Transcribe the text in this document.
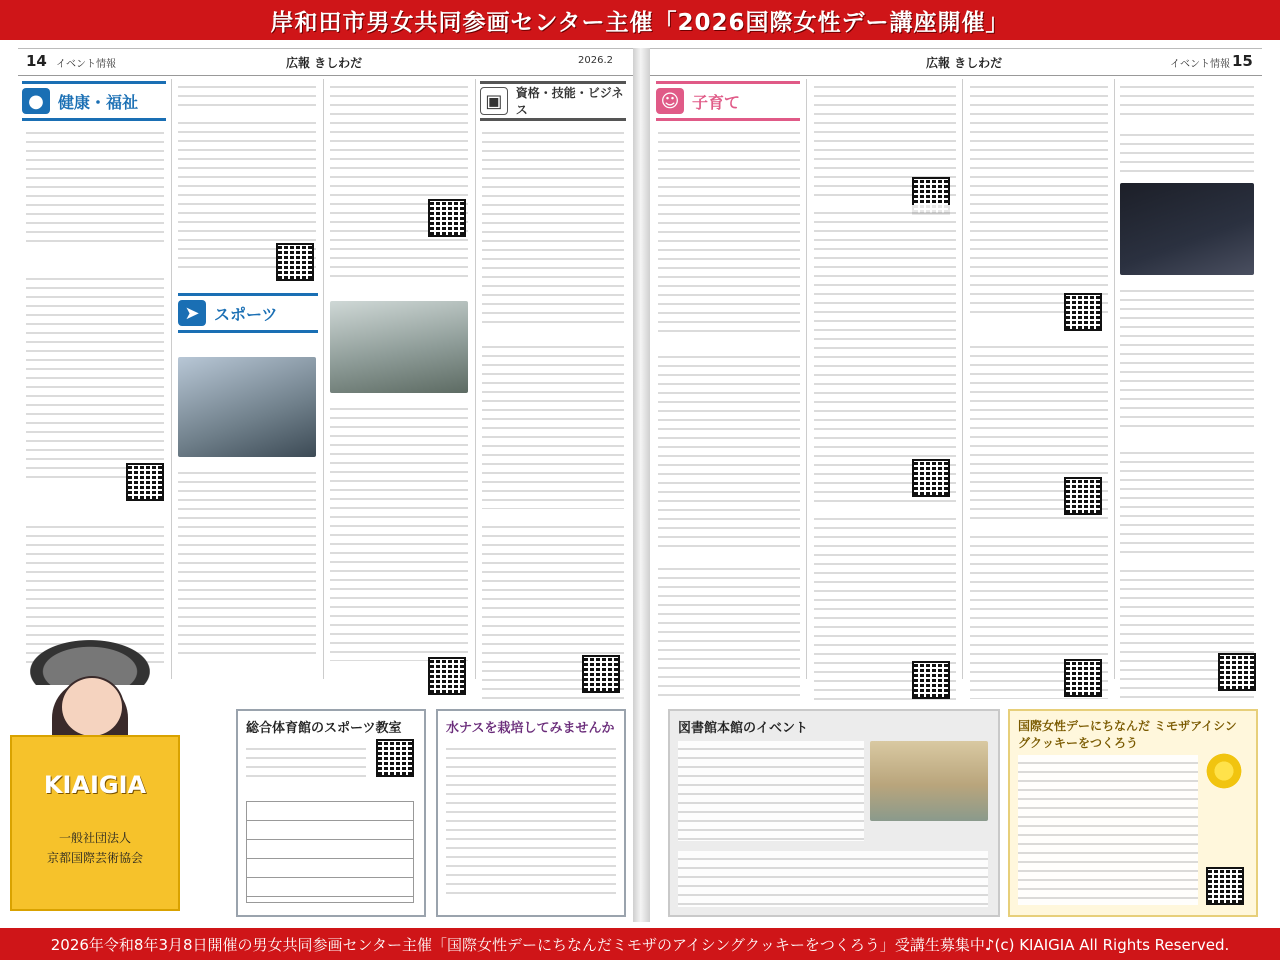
岸和田市男女共同参画センター主催「2026国際女性デー講座開催」
14 イベント情報	広報 きしわだ	2026.2
● 健康・福祉
➤ スポーツ
▣	資格・技能・ビジネス
総合体育館のスポーツ教室	水ナスを栽培してみませんか
広報 きしわだ	イベント情報 15
☺ 子育て
図書館本館のイベント	国際女性デーにちなんだ ミモザアイシングクッキーをつくろう
KIAIGIA
一般社団法人
京都国際芸術協会
2026年令和8年3月8日開催の男女共同参画センター主催「国際女性デーにちなんだミモザのアイシングクッキーをつくろう」受講生募集中♪(c) KIAIGIA All Rights Reserved.
